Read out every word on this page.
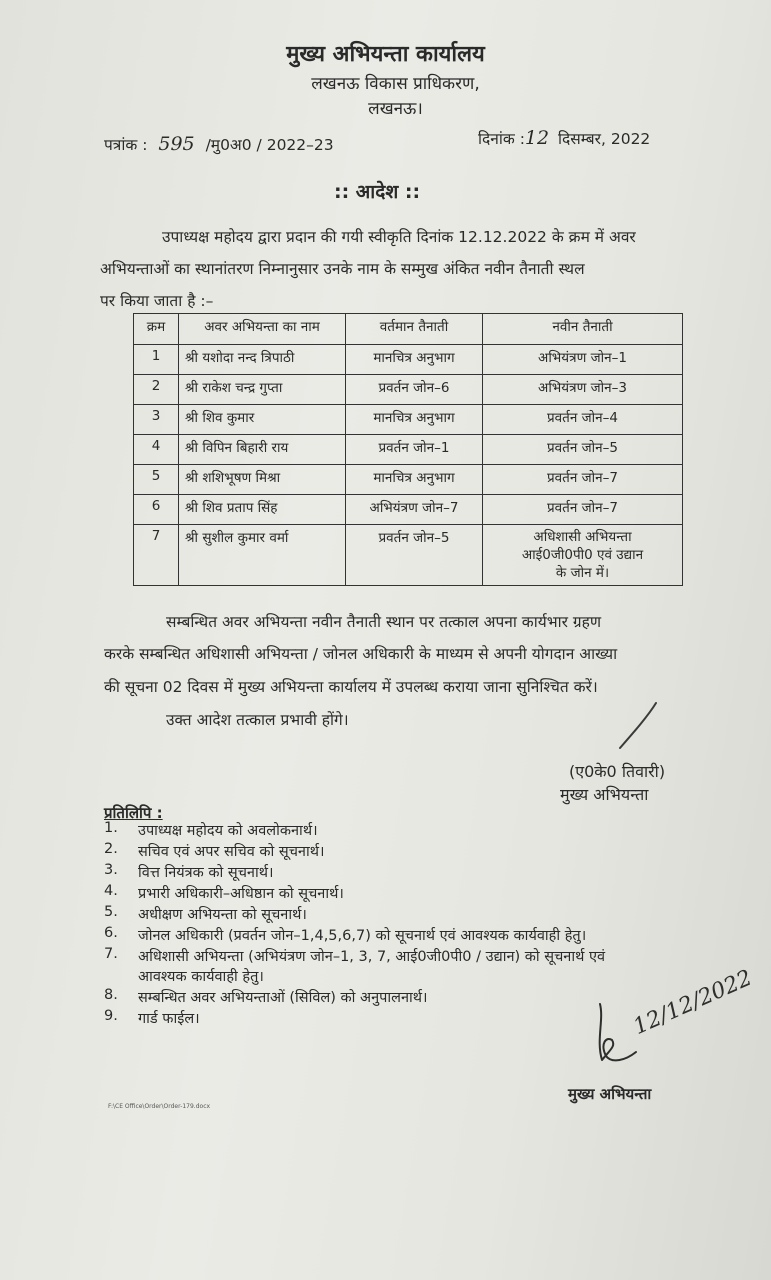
मुख्य अभियन्ता कार्यालय
लखनऊ विकास प्राधिकरण,
लखनऊ।
पत्रांक : 595 /मु0अ0 / 2022–23	दिनांक :12 दिसम्बर, 2022
:: आदेश ::
उपाध्यक्ष महोदय द्वारा प्रदान की गयी स्वीकृति दिनांक 12.12.2022 के क्रम में अवर
अभियन्ताओं का स्थानांतरण निम्नानुसार उनके नाम के सम्मुख अंकित नवीन तैनाती स्थल
पर किया जाता है :–
क्रम	अवर अभियन्ता का नाम	वर्तमान तैनाती	नवीन तैनाती
1	श्री यशोदा नन्द त्रिपाठी	मानचित्र अनुभाग	अभियंत्रण जोन–1
2	श्री राकेश चन्द्र गुप्ता	प्रवर्तन जोन–6	अभियंत्रण जोन–3
3	श्री शिव कुमार	मानचित्र अनुभाग	प्रवर्तन जोन–4
4	श्री विपिन बिहारी राय	प्रवर्तन जोन–1	प्रवर्तन जोन–5
5	श्री शशिभूषण मिश्रा	मानचित्र अनुभाग	प्रवर्तन जोन–7
6	श्री शिव प्रताप सिंह	अभियंत्रण जोन–7	प्रवर्तन जोन–7
7	श्री सुशील कुमार वर्मा	प्रवर्तन जोन–5	अधिशासी अभियन्ता
आई0जी0पी0 एवं उद्यान
के जोन में।
सम्बन्धित अवर अभियन्ता नवीन तैनाती स्थान पर तत्काल अपना कार्यभार ग्रहण
करके सम्बन्धित अधिशासी अभियन्ता / जोनल अधिकारी के माध्यम से अपनी योगदान आख्या
की सूचना 02 दिवस में मुख्य अभियन्ता कार्यालय में उपलब्ध कराया जाना सुनिश्चित करें।
उक्त आदेश तत्काल प्रभावी होंगे।
(ए0के0 तिवारी)
मुख्य अभियन्ता
प्रतिलिपि :
1.	उपाध्यक्ष महोदय को अवलोकनार्थ।
2.	सचिव एवं अपर सचिव को सूचनार्थ।
3.	वित्त नियंत्रक को सूचनार्थ।
4.	प्रभारी अधिकारी–अधिष्ठान को सूचनार्थ।
5.	अधीक्षण अभियन्ता को सूचनार्थ।
6.	जोनल अधिकारी (प्रवर्तन जोन–1,4,5,6,7) को सूचनार्थ एवं आवश्यक कार्यवाही हेतु।
7.	अधिशासी अभियन्ता (अभियंत्रण जोन–1, 3, 7, आई0जी0पी0 / उद्यान) को सूचनार्थ एवं
आवश्यक कार्यवाही हेतु।
8.	सम्बन्धित अवर अभियन्ताओं (सिविल) को अनुपालनार्थ।
9.	गार्ड फाईल।	12/12/2022
मुख्य अभियन्ता
F:\CE Office\Order\Order-179.docx
